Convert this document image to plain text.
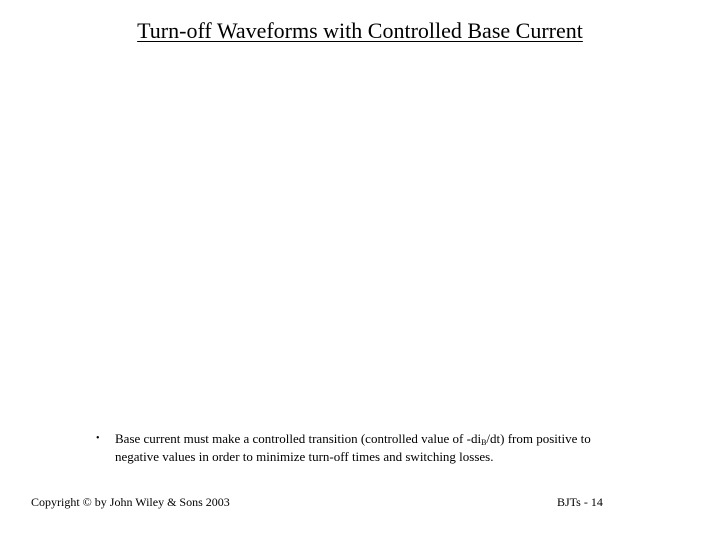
Turn-off Waveforms with Controlled Base Current
• Base current must make a controlled transition (controlled value of $-di_B/dt$) from positive to negative values in order to minimize turn-off times and switching losses.
Copyright © by John Wiley & Sons 2003	BJTs - 14
